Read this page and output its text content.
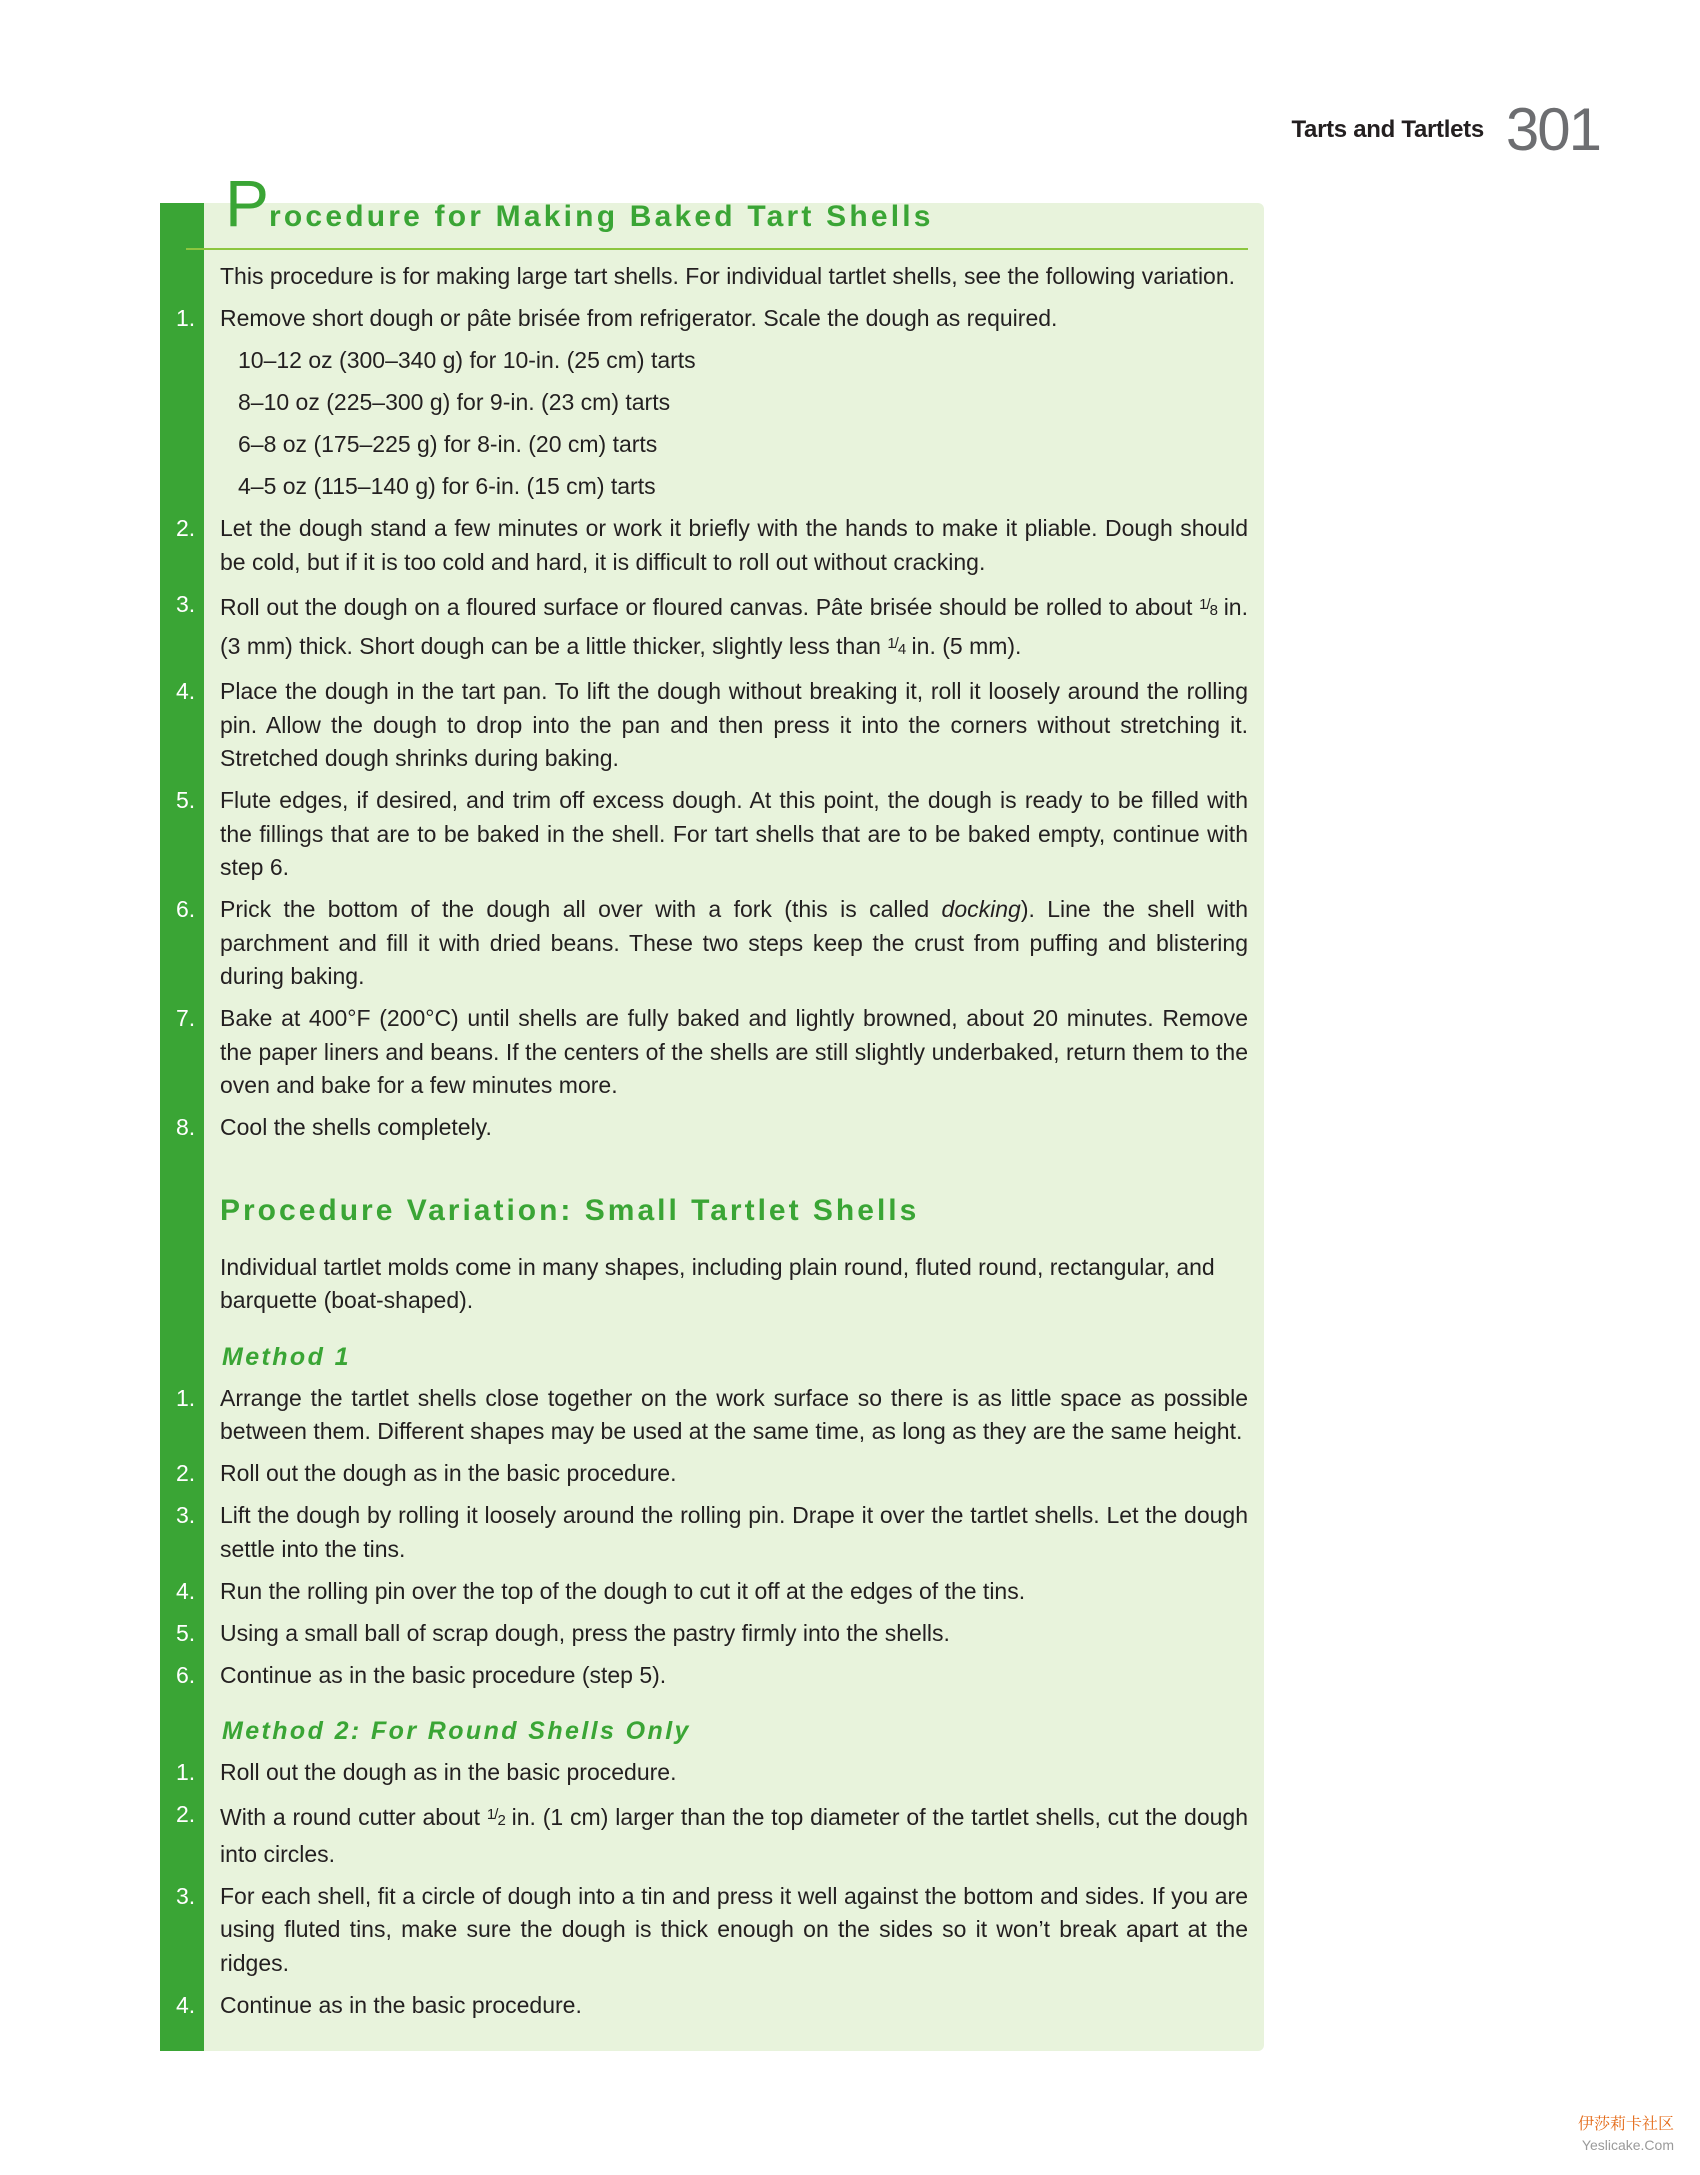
Tarts and Tartlets 301
Procedure for Making Baked Tart Shells

This procedure is for making large tart shells. For individual tartlet shells, see the following variation.

1. Remove short dough or pâte brisée from refrigerator. Scale the dough as required.

10–12 oz (300–340 g) for 10-in. (25 cm) tarts

8–10 oz (225–300 g) for 9-in. (23 cm) tarts

6–8 oz (175–225 g) for 8-in. (20 cm) tarts

4–5 oz (115–140 g) for 6-in. (15 cm) tarts

2. Let the dough stand a few minutes or work it briefly with the hands to make it pliable. Dough should be cold, but if it is too cold and hard, it is difficult to roll out without cracking.
3. Roll out the dough on a floured surface or floured canvas. Pâte brisée should be rolled to about $^{1/8}$ in. (3 mm) thick. Short dough can be a little thicker, slightly less than $^{1/4}$ in. (5 mm).
4. Place the dough in the tart pan. To lift the dough without breaking it, roll it loosely around the rolling pin. Allow the dough to drop into the pan and then press it into the corners without stretching it. Stretched dough shrinks during baking.
5. Flute edges, if desired, and trim off excess dough. At this point, the dough is ready to be filled with the fillings that are to be baked in the shell. For tart shells that are to be baked empty, continue with step 6.
6. Prick the bottom of the dough all over with a fork (this is called docking). Line the shell with parchment and fill it with dried beans. These two steps keep the crust from puffing and blistering during baking.
7. Bake at 400°F (200°C) until shells are fully baked and lightly browned, about 20 minutes. Remove the paper liners and beans. If the centers of the shells are still slightly underbaked, return them to the oven and bake for a few minutes more.
8. Cool the shells completely.
Procedure Variation: Small Tartlet Shells

Individual tartlet molds come in many shapes, including plain round, fluted round, rectangular, and barquette (boat-shaped).

Method 1
1. Arrange the tartlet shells close together on the work surface so there is as little space as possible between them. Different shapes may be used at the same time, as long as they are the same height.
2. Roll out the dough as in the basic procedure.
3. Lift the dough by rolling it loosely around the rolling pin. Drape it over the tartlet shells. Let the dough settle into the tins.
4. Run the rolling pin over the top of the dough to cut it off at the edges of the tins.
5. Using a small ball of scrap dough, press the pastry firmly into the shells.
6. Continue as in the basic procedure (step 5).
Method 2: For Round Shells Only
1. Roll out the dough as in the basic procedure.
2. With a round cutter about $^{1/2}$ in. (1 cm) larger than the top diameter of the tartlet shells, cut the dough into circles.
3. For each shell, fit a circle of dough into a tin and press it well against the bottom and sides. If you are using fluted tins, make sure the dough is thick enough on the sides so it won’t break apart at the ridges.
4. Continue as in the basic procedure.
伊莎莉卡社区
Yeslicake.Com
